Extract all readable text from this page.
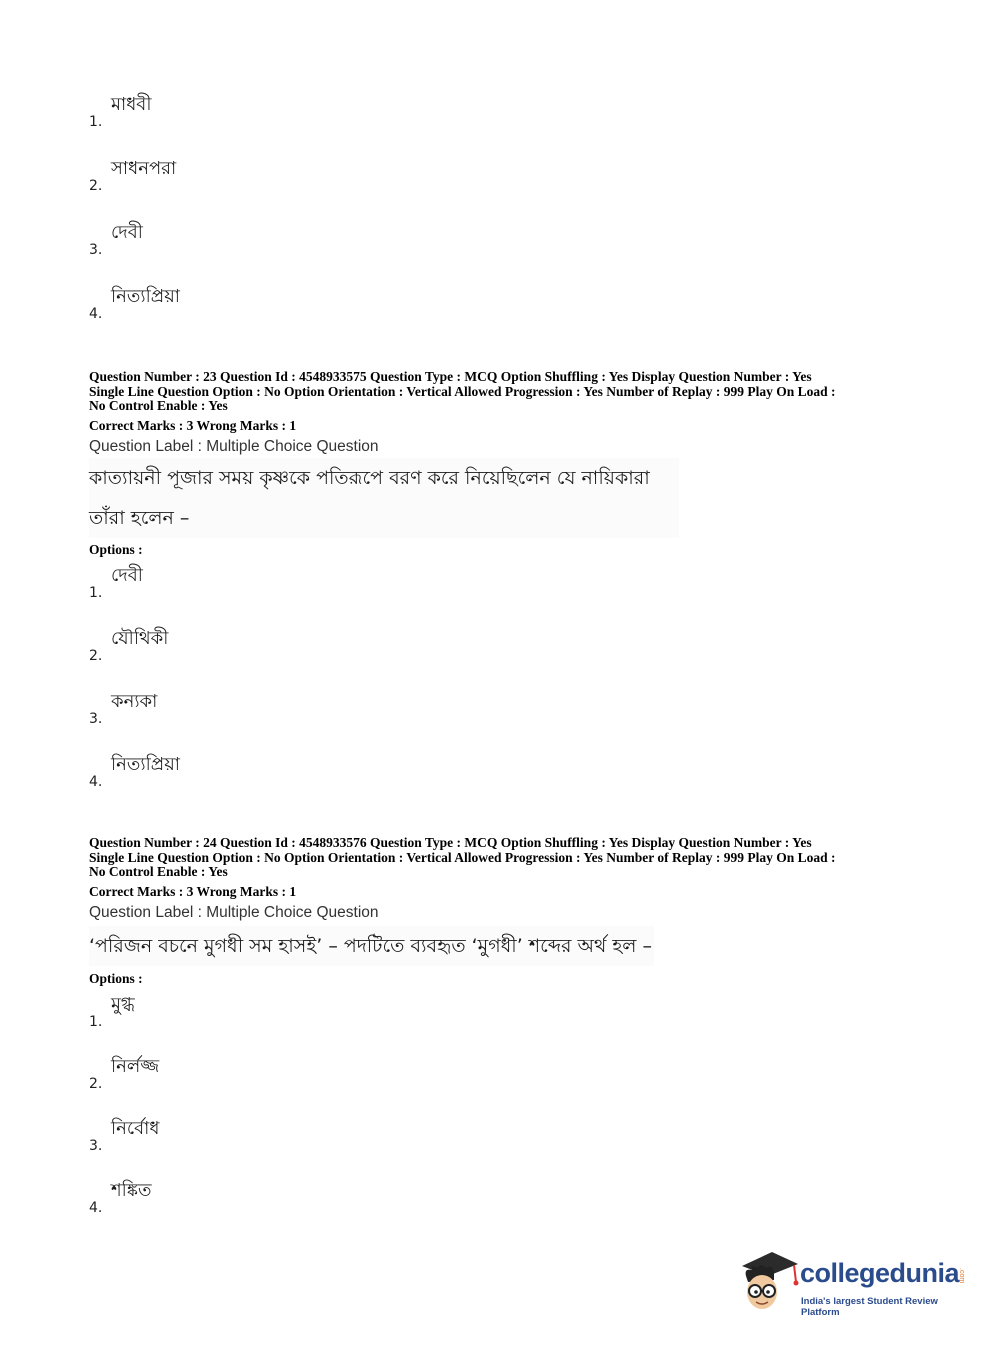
1.
মাধবী
2.
সাধনপরা
3.
দেবী
4.
নিত্যপ্রিয়া
Question Number : 23 Question Id : 4548933575 Question Type : MCQ Option Shuffling : Yes Display Question Number : Yes
Single Line Question Option : No Option Orientation : Vertical Allowed Progression : Yes Number of Replay : 999 Play On Load :
No Control Enable : Yes
Correct Marks : 3 Wrong Marks : 1
Question Label : Multiple Choice Question
কাত্যায়নী পূজার সময় কৃষ্ণকে পতিরূপে বরণ করে নিয়েছিলেন যে নায়িকারা
তাঁরা হলেন –
Options :
1.
দেবী
2.
যৌথিকী
3.
কন্যকা
4.
নিত্যপ্রিয়া
Question Number : 24 Question Id : 4548933576 Question Type : MCQ Option Shuffling : Yes Display Question Number : Yes
Single Line Question Option : No Option Orientation : Vertical Allowed Progression : Yes Number of Replay : 999 Play On Load :
No Control Enable : Yes
Correct Marks : 3 Wrong Marks : 1
Question Label : Multiple Choice Question
‘পরিজন বচনে মুগধী সম হাসই’ – পদটিতে ব্যবহৃত ‘মুগধী’ শব্দের অর্থ হল –
Options :
1.
মুগ্ধ
2.
নির্লজ্জ
3.
নির্বোধ
4.
শঙ্কিত
collegedunia
.com
India's largest Student Review Platform
